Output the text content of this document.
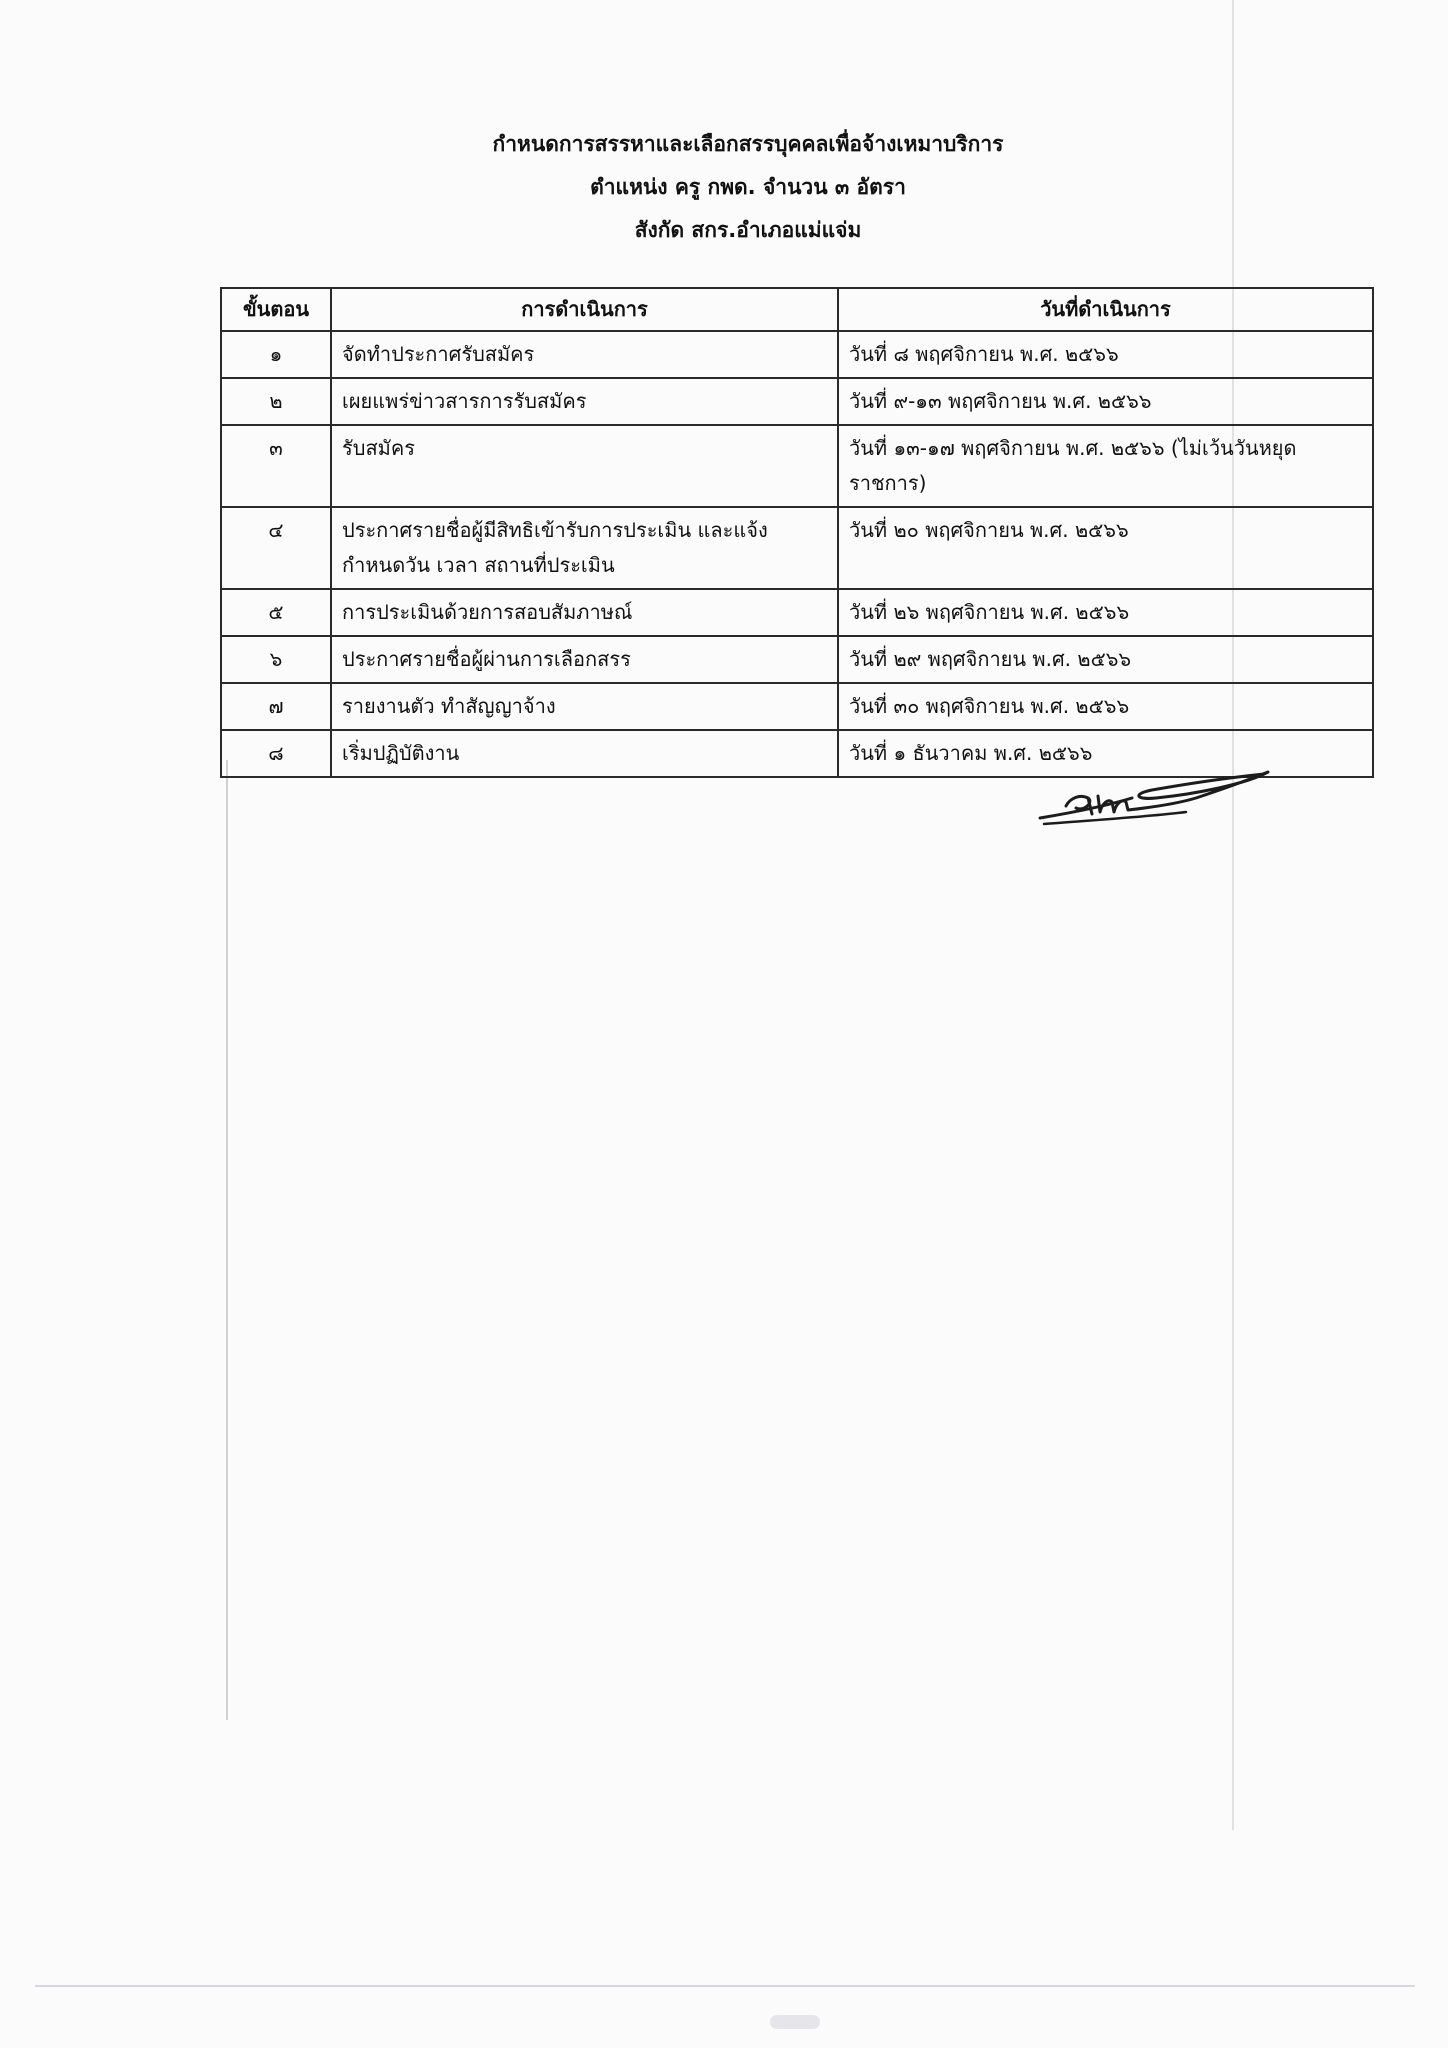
กำหนดการสรรหาและเลือกสรรบุคคลเพื่อจ้างเหมาบริการ
ตำแหน่ง ครู กพด. จำนวน ๓ อัตรา
สังกัด สกร.อำเภอแม่แจ่ม
ขั้นตอน	การดำเนินการ	วันที่ดำเนินการ
๑	จัดทำประกาศรับสมัคร	วันที่ ๘ พฤศจิกายน พ.ศ. ๒๕๖๖
๒	เผยแพร่ข่าวสารการรับสมัคร	วันที่ ๙-๑๓ พฤศจิกายน พ.ศ. ๒๕๖๖
๓	รับสมัคร	วันที่ ๑๓-๑๗ พฤศจิกายน พ.ศ. ๒๕๖๖ (ไม่เว้นวันหยุดราชการ)
๔	ประกาศรายชื่อผู้มีสิทธิเข้ารับการประเมิน และแจ้งกำหนดวัน เวลา สถานที่ประเมิน	วันที่ ๒๐ พฤศจิกายน พ.ศ. ๒๕๖๖
๕	การประเมินด้วยการสอบสัมภาษณ์	วันที่ ๒๖ พฤศจิกายน พ.ศ. ๒๕๖๖
๖	ประกาศรายชื่อผู้ผ่านการเลือกสรร	วันที่ ๒๙ พฤศจิกายน พ.ศ. ๒๕๖๖
๗	รายงานตัว ทำสัญญาจ้าง	วันที่ ๓๐ พฤศจิกายน พ.ศ. ๒๕๖๖
๘	เริ่มปฏิบัติงาน	วันที่ ๑ ธันวาคม พ.ศ. ๒๕๖๖
